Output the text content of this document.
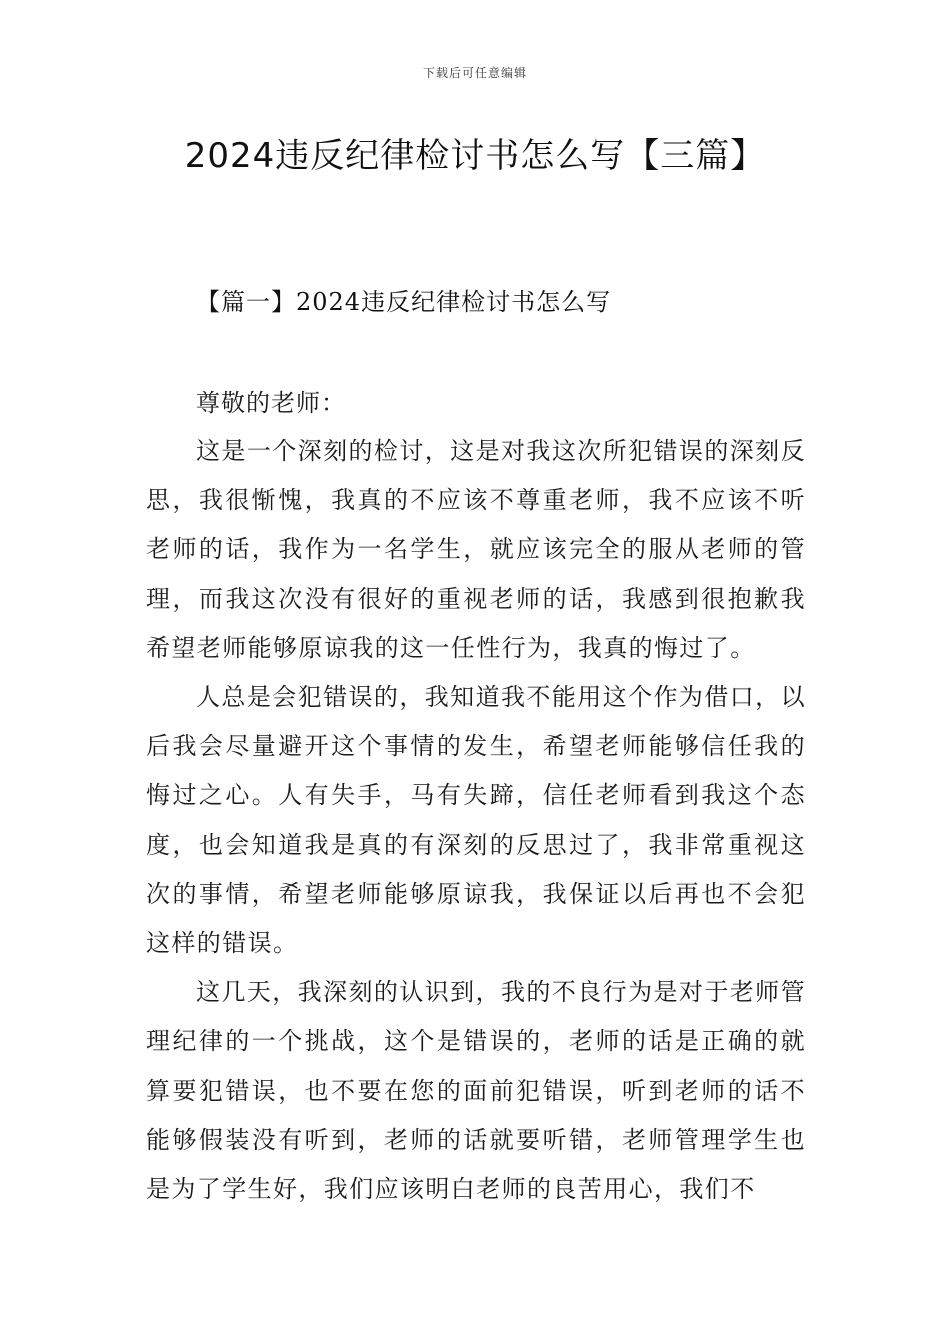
下载后可任意编辑
2024违反纪律检讨书怎么写【三篇】
【篇一】2024违反纪律检讨书怎么写
尊敬的老师：

这是一个深刻的检讨，这是对我这次所犯错误的深刻反思，我很惭愧，我真的不应该不尊重老师，我不应该不听老师的话，我作为一名学生，就应该完全的服从老师的管理，而我这次没有很好的重视老师的话，我感到很抱歉我希望老师能够原谅我的这一任性行为，我真的悔过了。

人总是会犯错误的，我知道我不能用这个作为借口，以后我会尽量避开这个事情的发生，希望老师能够信任我的悔过之心。人有失手，马有失蹄，信任老师看到我这个态度，也会知道我是真的有深刻的反思过了，我非常重视这次的事情，希望老师能够原谅我，我保证以后再也不会犯这样的错误。

这几天，我深刻的认识到，我的不良行为是对于老师管理纪律的一个挑战，这个是错误的，老师的话是正确的就算要犯错误，也不要在您的面前犯错误，听到老师的话不能够假装没有听到，老师的话就要听错，老师管理学生也是为了学生好，我们应该明白老师的良苦用心，我们不
